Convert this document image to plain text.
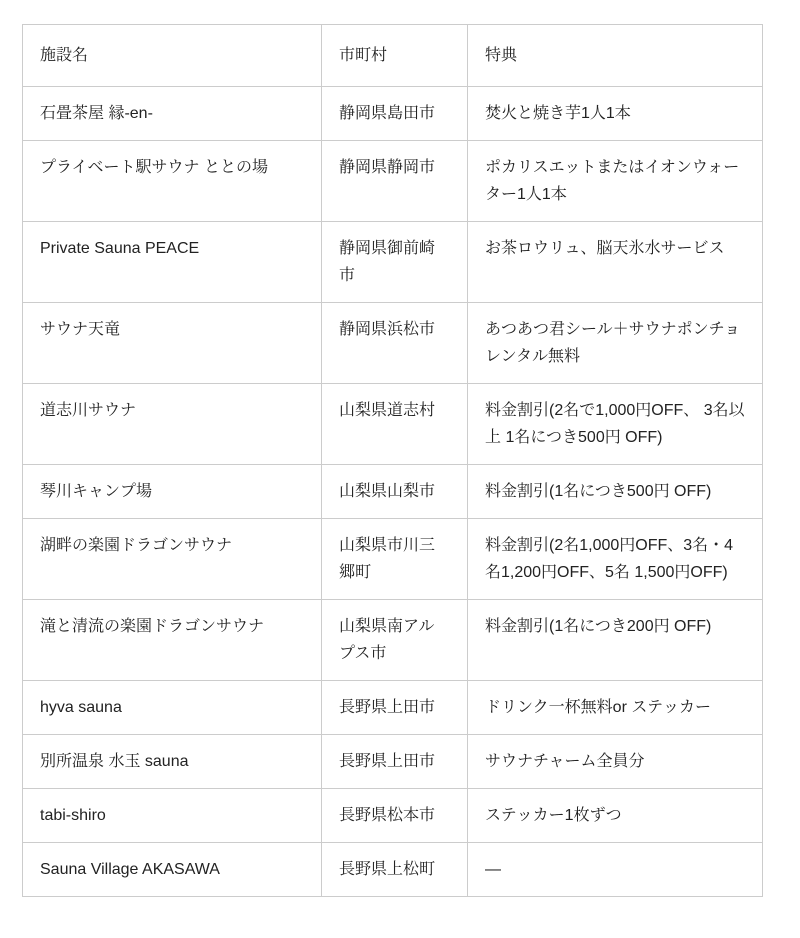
施設名	市町村	特典
石畳茶屋 縁-en-	静岡県島田市	焚火と焼き芋1人1本
プライベート駅サウナ ととの場	静岡県静岡市	ポカリスエットまたはイオンウォーター1人1本
Private Sauna PEACE	静岡県御前崎市	お茶ロウリュ、脳天氷水サービス
サウナ天竜	静岡県浜松市	あつあつ君シール＋サウナポンチョレンタル無料
道志川サウナ	山梨県道志村	料金割引(2名で1,000円OFF、 3名以上 1名につき500円 OFF)
琴川キャンプ場	山梨県山梨市	料金割引(1名につき500円 OFF)
湖畔の楽園ドラゴンサウナ	山梨県市川三郷町	料金割引(2名1,000円OFF、3名・4名1,200円OFF、5名 1,500円OFF)
滝と清流の楽園ドラゴンサウナ	山梨県南アルプス市	料金割引(1名につき200円 OFF)
hyva sauna	長野県上田市	ドリンク一杯無料or ステッカー
別所温泉 水玉 sauna	長野県上田市	サウナチャーム全員分
tabi-shiro	長野県松本市	ステッカー1枚ずつ
Sauna Village AKASAWA	長野県上松町	—
